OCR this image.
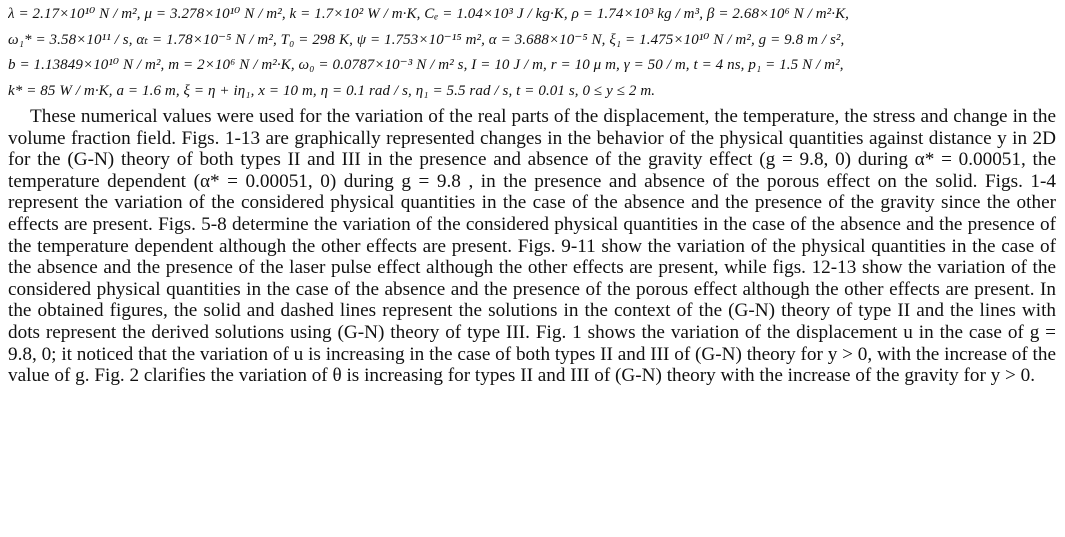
λ = 2.17×10¹⁰ N / m², μ = 3.278×10¹⁰ N / m², k = 1.7×10² W / m·K, Cₑ = 1.04×10³ J / kg·K, ρ = 1.74×10³ kg / m³, β = 2.68×10⁶ N / m²·K,
ω₁* = 3.58×10¹¹ / s, αₜ = 1.78×10⁻⁵ N / m², T₀ = 298 K, ψ = 1.753×10⁻¹⁵ m², α = 3.688×10⁻⁵ N, ξ₁ = 1.475×10¹⁰ N / m², g = 9.8 m / s²,
b = 1.13849×10¹⁰ N / m², m = 2×10⁶ N / m²·K, ω₀ = 0.0787×10⁻³ N / m² s, I = 10 J / m, r = 10 μ m, γ = 50 / m, t = 4 ns, p₁ = 1.5 N / m²,
k* = 85 W / m·K, a = 1.6 m, ξ = η + iη₁, x = 10 m, η = 0.1 rad / s, η₁ = 5.5 rad / s, t = 0.01 s, 0 ≤ y ≤ 2 m.

These numerical values were used for the variation of the real parts of the displacement, the temperature, the stress and change in the volume fraction field. Figs. 1-13 are graphically represented changes in the behavior of the physical quantities against distance y in 2D for the (G-N) theory of both types II and III in the presence and absence of the gravity effect (g = 9.8, 0) during α* = 0.00051, the temperature dependent (α* = 0.00051, 0) during g = 9.8 , in the presence and absence of the porous effect on the solid. Figs. 1-4 represent the variation of the considered physical quantities in the case of the absence and the presence of the gravity since the other effects are present. Figs. 5-8 determine the variation of the considered physical quantities in the case of the absence and the presence of the temperature dependent although the other effects are present. Figs. 9-11 show the variation of the physical quantities in the case of the absence and the presence of the laser pulse effect although the other effects are present, while figs. 12-13 show the variation of the considered physical quantities in the case of the absence and the presence of the porous effect although the other effects are present. In the obtained figures, the solid and dashed lines represent the solutions in the context of the (G-N) theory of type II and the lines with dots represent the derived solutions using (G-N) theory of type III. Fig. 1 shows the variation of the displacement u in the case of g = 9.8, 0; it noticed that the variation of u is increasing in the case of both types II and III of (G-N) theory for y > 0, with the increase of the value of g. Fig. 2 clarifies the variation of θ is increasing for types II and III of (G-N) theory with the increase of the gravity for y > 0.
